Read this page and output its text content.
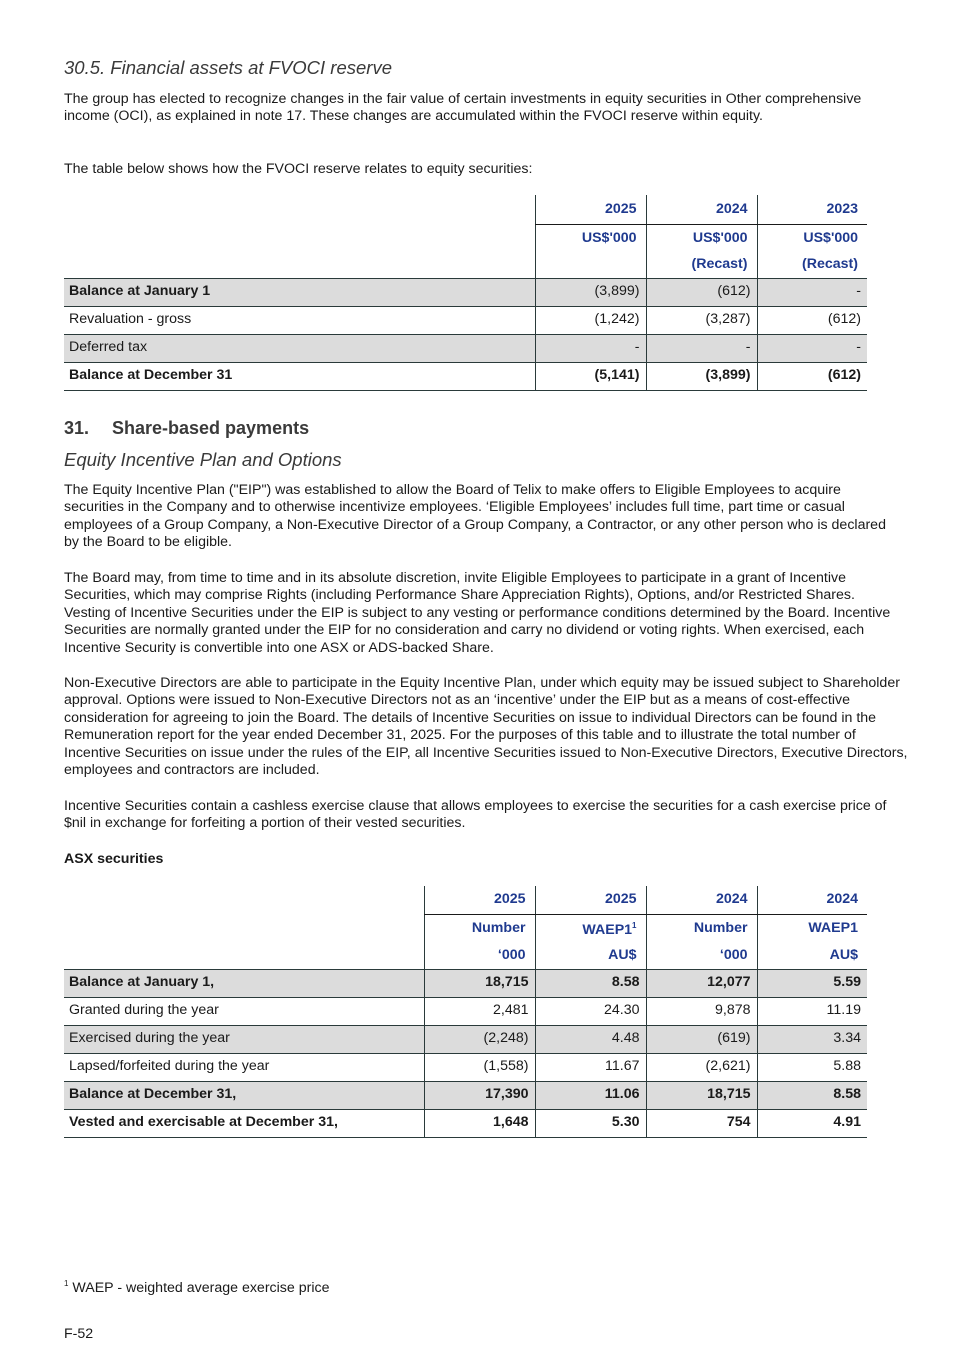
30.5. Financial assets at FVOCI reserve

The group has elected to recognize changes in the fair value of certain investments in equity securities in Other comprehensive income (OCI), as explained in note 17. These changes are accumulated within the FVOCI reserve within equity.

The table below shows how the FVOCI reserve relates to equity securities:

	2025	2024	2023
	US$'000	US$'000	US$'000
		(Recast)	(Recast)
Balance at January 1	(3,899)	(612)	-
Revaluation - gross	(1,242)	(3,287)	(612)
Deferred tax	-	-	-
Balance at December 31	(5,141)	(3,899)	(612)
31. Share-based payments
Equity Incentive Plan and Options

The Equity Incentive Plan ("EIP") was established to allow the Board of Telix to make offers to Eligible Employees to acquire securities in the Company and to otherwise incentivize employees. ‘Eligible Employees’ includes full time, part time or casual employees of a Group Company, a Non-Executive Director of a Group Company, a Contractor, or any other person who is declared by the Board to be eligible.

The Board may, from time to time and in its absolute discretion, invite Eligible Employees to participate in a grant of Incentive Securities, which may comprise Rights (including Performance Share Appreciation Rights), Options, and/or Restricted Shares. Vesting of Incentive Securities under the EIP is subject to any vesting or performance conditions determined by the Board. Incentive Securities are normally granted under the EIP for no consideration and carry no dividend or voting rights. When exercised, each Incentive Security is convertible into one ASX or ADS-backed Share.

Non-Executive Directors are able to participate in the Equity Incentive Plan, under which equity may be issued subject to Shareholder approval. Options were issued to Non-Executive Directors not as an ‘incentive’ under the EIP but as a means of cost-effective consideration for agreeing to join the Board. The details of Incentive Securities on issue to individual Directors can be found in the Remuneration report for the year ended December 31, 2025. For the purposes of this table and to illustrate the total number of Incentive Securities on issue under the rules of the EIP, all Incentive Securities issued to Non-Executive Directors, Executive Directors, employees and contractors are included.

Incentive Securities contain a cashless exercise clause that allows employees to exercise the securities for a cash exercise price of $nil in exchange for forfeiting a portion of their vested securities.

ASX securities
	2025	2025	2024	2024
	Number	WAEP1$^1$	Number	WAEP1
	‘000	AU$	‘000	AU$
Balance at January 1,	18,715	8.58	12,077	5.59
Granted during the year	2,481	24.30	9,878	11.19
Exercised during the year	(2,248)	4.48	(619)	3.34
Lapsed/forfeited during the year	(1,558)	11.67	(2,621)	5.88
Balance at December 31,	17,390	11.06	18,715	8.58
Vested and exercisable at December 31,	1,648	5.30	754	4.91
$^1$ WAEP - weighted average exercise price
F-52
